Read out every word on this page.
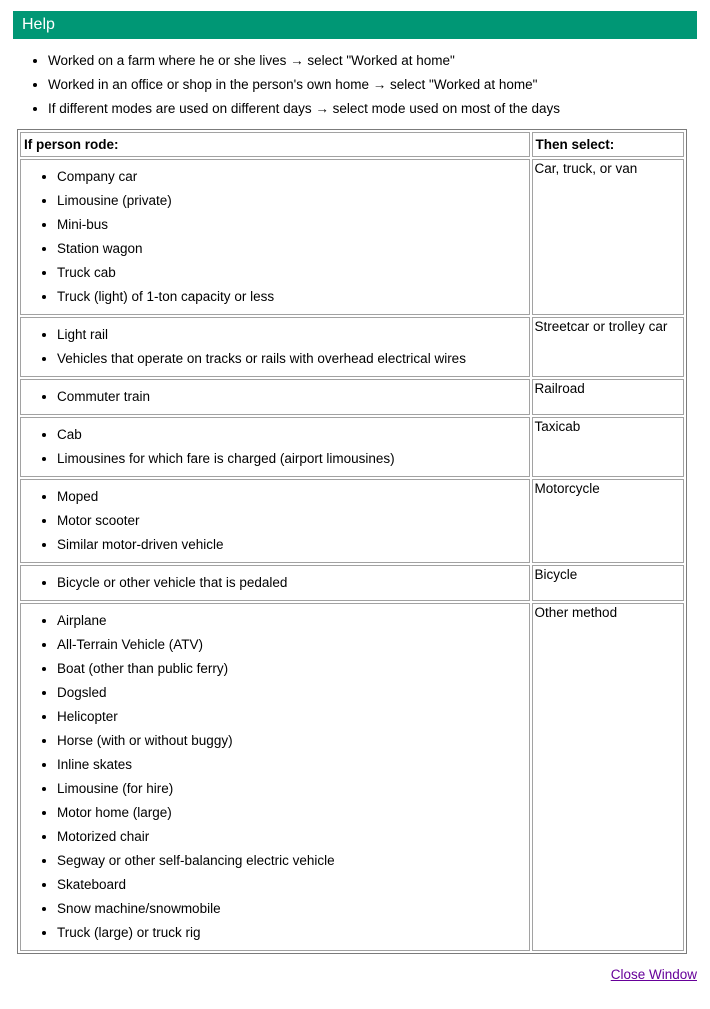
Help
• Worked on a farm where he or she lives → select "Worked at home"
• Worked in an office or shop in the person's own home → select "Worked at home"
• If different modes are used on different days → select mode used on most of the days
If person rode:	Then select:

• Company car
• Limousine (private)
• Mini-bus
• Station wagon
• Truck cab
• Truck (light) of 1-ton capacity or less
	Car, truck, or van

• Light rail
• Vehicles that operate on tracks or rails with overhead electrical wires
	Streetcar or trolley car

• Commuter train
	Railroad

• Cab
• Limousines for which fare is charged (airport limousines)
	Taxicab

• Moped
• Motor scooter
• Similar motor-driven vehicle
	Motorcycle

• Bicycle or other vehicle that is pedaled
	Bicycle

• Airplane
• All-Terrain Vehicle (ATV)
• Boat (other than public ferry)
• Dogsled
• Helicopter
• Horse (with or without buggy)
• Inline skates
• Limousine (for hire)
• Motor home (large)
• Motorized chair
• Segway or other self-balancing electric vehicle
• Skateboard
• Snow machine/snowmobile
• Truck (large) or truck rig
	Other method
Close Window
